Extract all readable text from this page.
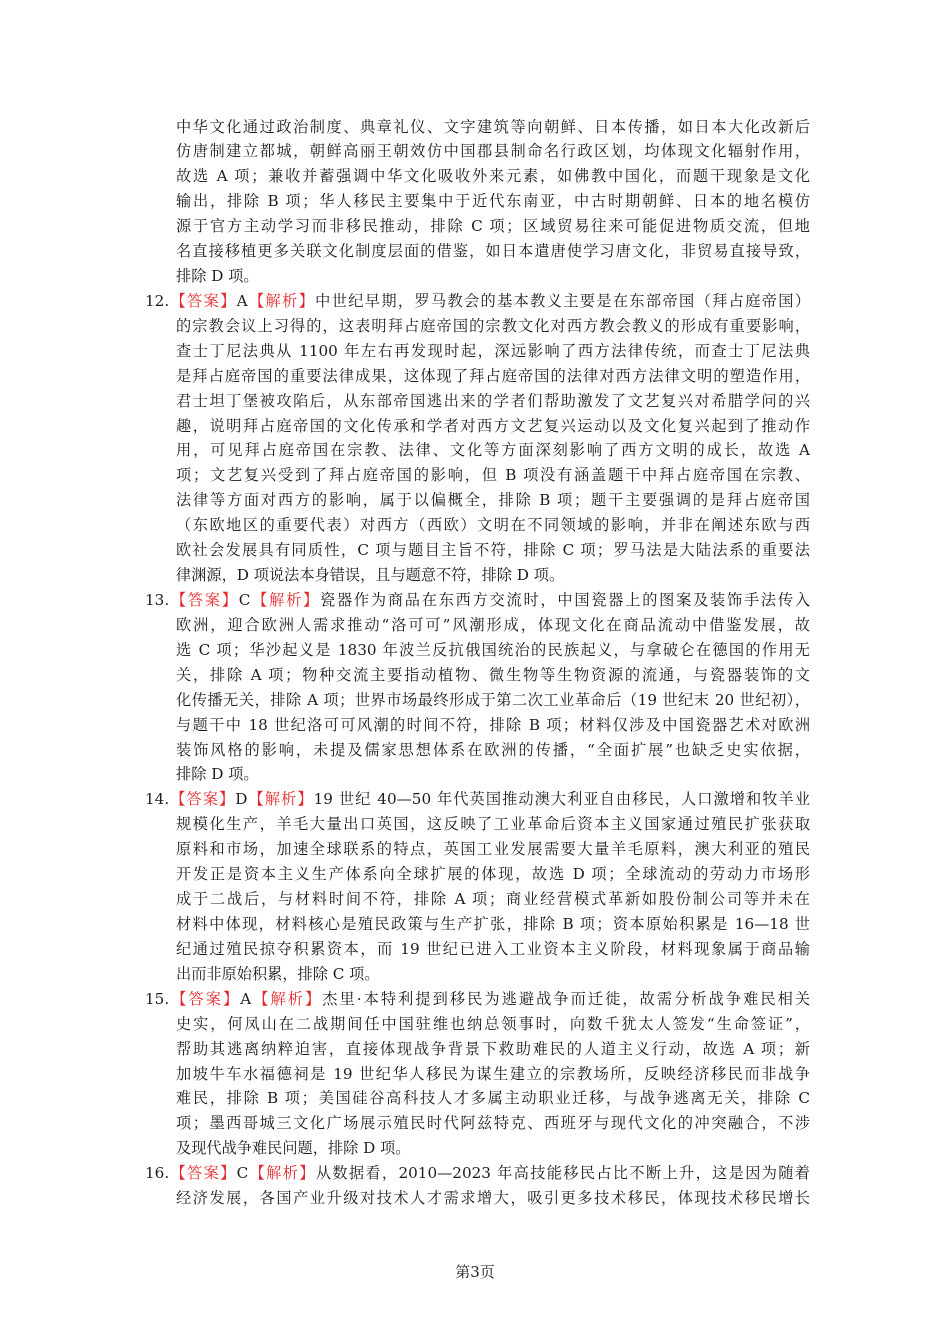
中华文化通过政治制度、典章礼仪、文字建筑等向朝鲜、日本传播，如日本大化改新后
仿唐制建立都城，朝鲜高丽王朝效仿中国郡县制命名行政区划，均体现文化辐射作用，
故选 A 项；兼收并蓄强调中华文化吸收外来元素，如佛教中国化，而题干现象是文化
输出，排除 B 项；华人移民主要集中于近代东南亚，中古时期朝鲜、日本的地名模仿
源于官方主动学习而非移民推动，排除 C 项；区域贸易往来可能促进物质交流，但地
名直接移植更多关联文化制度层面的借鉴，如日本遣唐使学习唐文化，非贸易直接导致，
排除 D 项。
12.【答案】A【解析】中世纪早期，罗马教会的基本教义主要是在东部帝国（拜占庭帝国）
的宗教会议上习得的，这表明拜占庭帝国的宗教文化对西方教会教义的形成有重要影响，
查士丁尼法典从 1100 年左右再发现时起，深远影响了西方法律传统，而查士丁尼法典
是拜占庭帝国的重要法律成果，这体现了拜占庭帝国的法律对西方法律文明的塑造作用，
君士坦丁堡被攻陷后，从东部帝国逃出来的学者们帮助激发了文艺复兴对希腊学问的兴
趣，说明拜占庭帝国的文化传承和学者对西方文艺复兴运动以及文化复兴起到了推动作
用，可见拜占庭帝国在宗教、法律、文化等方面深刻影响了西方文明的成长，故选 A
项；文艺复兴受到了拜占庭帝国的影响，但 B 项没有涵盖题干中拜占庭帝国在宗教、
法律等方面对西方的影响，属于以偏概全，排除 B 项；题干主要强调的是拜占庭帝国
（东欧地区的重要代表）对西方（西欧）文明在不同领域的影响，并非在阐述东欧与西
欧社会发展具有同质性，C 项与题目主旨不符，排除 C 项；罗马法是大陆法系的重要法
律渊源，D 项说法本身错误，且与题意不符，排除 D 项。
13.【答案】C【解析】瓷器作为商品在东西方交流时，中国瓷器上的图案及装饰手法传入
欧洲，迎合欧洲人需求推动“洛可可”风潮形成，体现文化在商品流动中借鉴发展，故
选 C 项；华沙起义是 1830 年波兰反抗俄国统治的民族起义，与拿破仑在德国的作用无
关，排除 A 项；物种交流主要指动植物、微生物等生物资源的流通，与瓷器装饰的文
化传播无关，排除 A 项；世界市场最终形成于第二次工业革命后（19 世纪末 20 世纪初），
与题干中 18 世纪洛可可风潮的时间不符，排除 B 项；材料仅涉及中国瓷器艺术对欧洲
装饰风格的影响，未提及儒家思想体系在欧洲的传播，“全面扩展”也缺乏史实依据，
排除 D 项。
14.【答案】D【解析】19 世纪 40—50 年代英国推动澳大利亚自由移民，人口激增和牧羊业
规模化生产，羊毛大量出口英国，这反映了工业革命后资本主义国家通过殖民扩张获取
原料和市场，加速全球联系的特点，英国工业发展需要大量羊毛原料，澳大利亚的殖民
开发正是资本主义生产体系向全球扩展的体现，故选 D 项；全球流动的劳动力市场形
成于二战后，与材料时间不符，排除 A 项；商业经营模式革新如股份制公司等并未在
材料中体现，材料核心是殖民政策与生产扩张，排除 B 项；资本原始积累是 16—18 世
纪通过殖民掠夺积累资本，而 19 世纪已进入工业资本主义阶段，材料现象属于商品输
出而非原始积累，排除 C 项。
15.【答案】A【解析】杰里·本特利提到移民为逃避战争而迁徙，故需分析战争难民相关
史实，何凤山在二战期间任中国驻维也纳总领事时，向数千犹太人签发“生命签证”，
帮助其逃离纳粹迫害，直接体现战争背景下救助难民的人道主义行动，故选 A 项；新
加坡牛车水福德祠是 19 世纪华人移民为谋生建立的宗教场所，反映经济移民而非战争
难民，排除 B 项；美国硅谷高科技人才多属主动职业迁移，与战争逃离无关，排除 C
项；墨西哥城三文化广场展示殖民时代阿兹特克、西班牙与现代文化的冲突融合，不涉
及现代战争难民问题，排除 D 项。
16.【答案】C【解析】从数据看，2010—2023 年高技能移民占比不断上升，这是因为随着
经济发展，各国产业升级对技术人才需求增大，吸引更多技术移民，体现技术移民增长
第3页
